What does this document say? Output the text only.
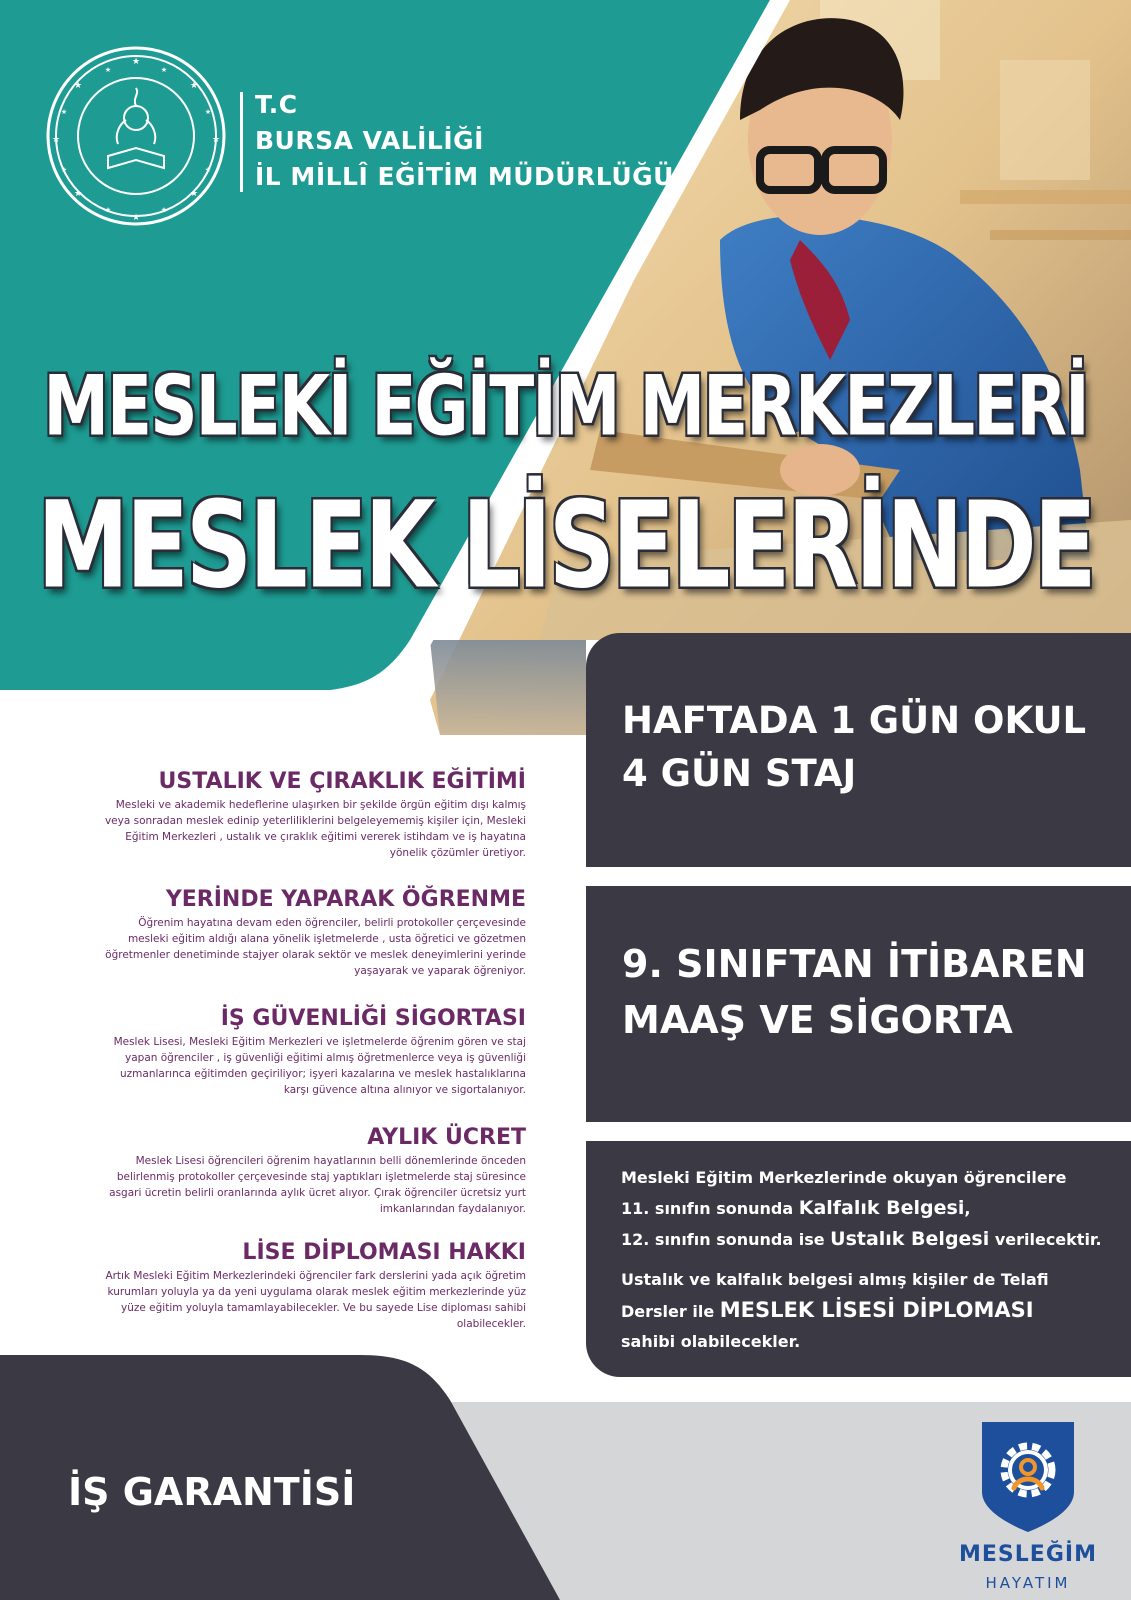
★
★
★
★
★
★
★
★
★
★
★
★
★
★
★
★
T.C
BURSA VALİLİĞİ
İL MİLLÎ EĞİTİM MÜDÜRLÜĞÜ
MESLEKİ EĞİTİM MERKEZLERİ
MESLEK LİSELERİNDE
HAFTADA 1 GÜN OKUL
4 GÜN STAJ
9. SINIFTAN İTİBAREN
MAAŞ VE SİGORTA
Mesleki Eğitim Merkezlerinde okuyan öğrencilere
11. sınıfın sonunda Kalfalık Belgesi,
12. sınıfın sonunda ise Ustalık Belgesi verilecektir.
Ustalık ve kalfalık belgesi almış kişiler de Telafi
Dersler ile MESLEK LİSESİ DİPLOMASI
sahibi olabilecekler.
USTALIK VE ÇIRAKLIK EĞİTİMİ
Mesleki ve akademik hedeflerine ulaşırken bir şekilde örgün eğitim dışı kalmış veya sonradan meslek edinip yeterliliklerini belgeleyememiş kişiler için, Mesleki Eğitim Merkezleri , ustalık ve çıraklık eğitimi vererek istihdam ve iş hayatına yönelik çözümler üretiyor.
YERİNDE YAPARAK ÖĞRENME
Öğrenim hayatına devam eden öğrenciler, belirli protokoller çerçevesinde mesleki eğitim aldığı alana yönelik işletmelerde , usta öğretici ve gözetmen öğretmenler denetiminde stajyer olarak sektör ve meslek deneyimlerini yerinde yaşayarak ve yaparak öğreniyor.
İŞ GÜVENLİĞİ SİGORTASI
Meslek Lisesi, Mesleki Eğitim Merkezleri ve işletmelerde öğrenim gören ve staj yapan öğrenciler , iş güvenliği eğitimi almış öğretmenlerce veya iş güvenliği uzmanlarınca eğitimden geçiriliyor; işyeri kazalarına ve meslek hastalıklarına karşı güvence altına alınıyor ve sigortalanıyor.
AYLIK ÜCRET
Meslek Lisesi öğrencileri öğrenim hayatlarının belli dönemlerinde önceden belirlenmiş protokoller çerçevesinde staj yaptıkları işletmelerde staj süresince asgari ücretin belirli oranlarında aylık ücret alıyor. Çırak öğrenciler ücretsiz yurt imkanlarından faydalanıyor.
LİSE DİPLOMASI HAKKI
Artık Mesleki Eğitim Merkezlerindeki öğrenciler fark derslerini yada açık öğretim kurumları yoluyla ya da yeni uygulama olarak meslek eğitim merkezlerinde yüz yüze eğitim yoluyla tamamlayabilecekler. Ve bu sayede Lise diploması sahibi olabilecekler.
İŞ GARANTİSİ
MESLEĞİM
HAYATIM
